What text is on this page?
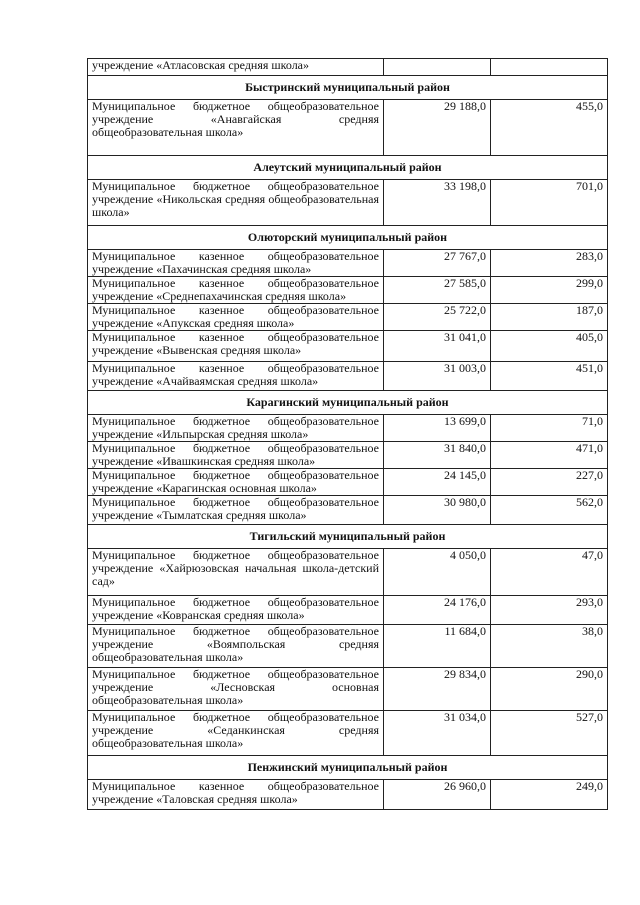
учреждение «Атласовская средняя школа»		
Быстринский муниципальный район		
Муниципальное бюджетное общеобразовательное учреждение «Анавгайская средняя общеобразовательная школа»	29 188,0	455,0
Алеутский муниципальный район		
Муниципальное бюджетное общеобразовательное учреждение «Никольская средняя общеобразовательная школа»	33 198,0	701,0
Олюторский муниципальный район		
Муниципальное казенное общеобразовательное учреждение «Пахачинская средняя школа»	27 767,0	283,0
Муниципальное казенное общеобразовательное учреждение «Среднепахачинская средняя школа»	27 585,0	299,0
Муниципальное казенное общеобразовательное учреждение «Апукская средняя школа»	25 722,0	187,0
Муниципальное казенное общеобразовательное учреждение «Вывенская средняя школа»	31 041,0	405,0
Муниципальное казенное общеобразовательное учреждение «Ачайваямская средняя школа»	31 003,0	451,0
Карагинский муниципальный район		
Муниципальное бюджетное общеобразовательное учреждение «Ильпырская средняя школа»	13 699,0	71,0
Муниципальное бюджетное общеобразовательное учреждение «Ивашкинская средняя школа»	31 840,0	471,0
Муниципальное бюджетное общеобразовательное учреждение «Карагинская основная школа»	24 145,0	227,0
Муниципальное бюджетное общеобразовательное учреждение «Тымлатская средняя школа»	30 980,0	562,0
Тигильский муниципальный район		
Муниципальное бюджетное общеобразовательное учреждение «Хайрюзовская начальная школа-детский сад»	4 050,0	47,0
Муниципальное бюджетное общеобразовательное учреждение «Ковранская средняя школа»	24 176,0	293,0
Муниципальное бюджетное общеобразовательное учреждение «Воямпольская средняя общеобразовательная школа»	11 684,0	38,0
Муниципальное бюджетное общеобразовательное учреждение «Лесновская основная общеобразовательная школа»	29 834,0	290,0
Муниципальное бюджетное общеобразовательное учреждение «Седанкинская средняя общеобразовательная школа»	31 034,0	527,0
Пенжинский муниципальный район		
Муниципальное казенное общеобразовательное учреждение «Таловская средняя школа»	26 960,0	249,0
